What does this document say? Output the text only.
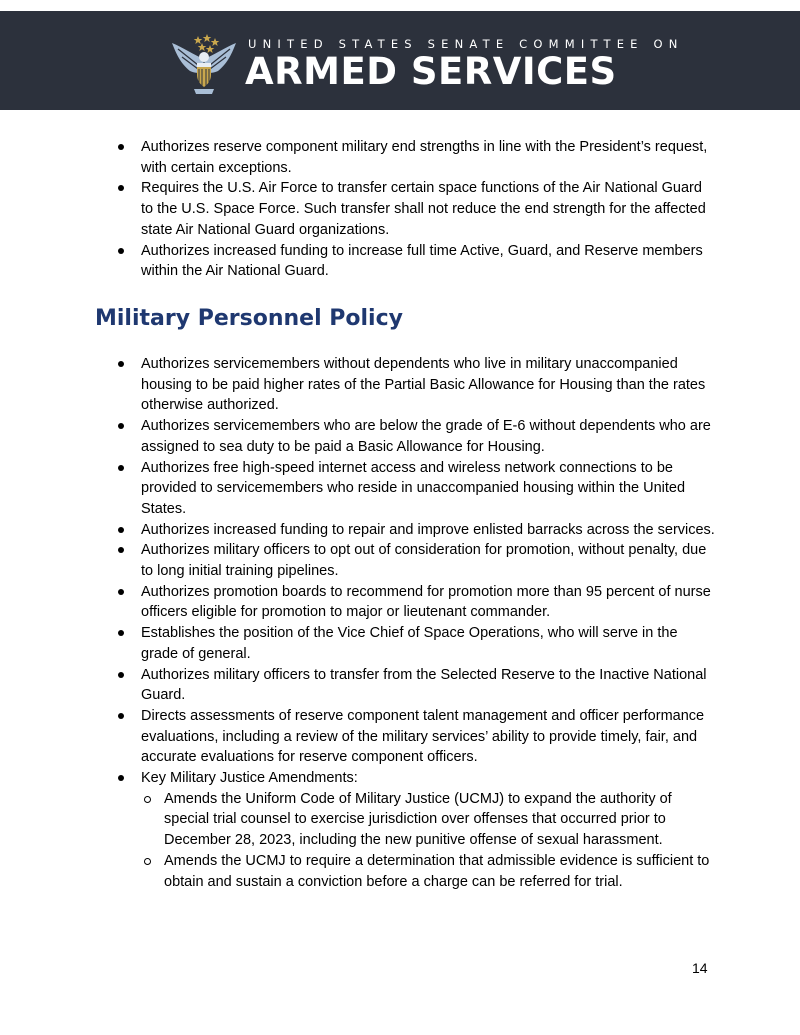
UNITED STATES SENATE COMMITTEE ON
ARMED SERVICES
Authorizes reserve component military end strengths in line with the President’s request, with certain exceptions.
Requires the U.S. Air Force to transfer certain space functions of the Air National Guard to the U.S. Space Force. Such transfer shall not reduce the end strength for the affected state Air National Guard organizations.
Authorizes increased funding to increase full time Active, Guard, and Reserve members within the Air National Guard.
Military Personnel Policy
Authorizes servicemembers without dependents who live in military unaccompanied housing to be paid higher rates of the Partial Basic Allowance for Housing than the rates otherwise authorized.
Authorizes servicemembers who are below the grade of E-6 without dependents who are assigned to sea duty to be paid a Basic Allowance for Housing.
Authorizes free high-speed internet access and wireless network connections to be provided to servicemembers who reside in unaccompanied housing within the United States.
Authorizes increased funding to repair and improve enlisted barracks across the services.
Authorizes military officers to opt out of consideration for promotion, without penalty, due to long initial training pipelines.
Authorizes promotion boards to recommend for promotion more than 95 percent of nurse officers eligible for promotion to major or lieutenant commander.
Establishes the position of the Vice Chief of Space Operations, who will serve in the grade of general.
Authorizes military officers to transfer from the Selected Reserve to the Inactive National Guard.
Directs assessments of reserve component talent management and officer performance evaluations, including a review of the military services’ ability to provide timely, fair, and accurate evaluations for reserve component officers.
Key Military Justice Amendments:
Amends the Uniform Code of Military Justice (UCMJ) to expand the authority of special trial counsel to exercise jurisdiction over offenses that occurred prior to December 28, 2023, including the new punitive offense of sexual harassment.
Amends the UCMJ to require a determination that admissible evidence is sufficient to obtain and sustain a conviction before a charge can be referred for trial.
14
